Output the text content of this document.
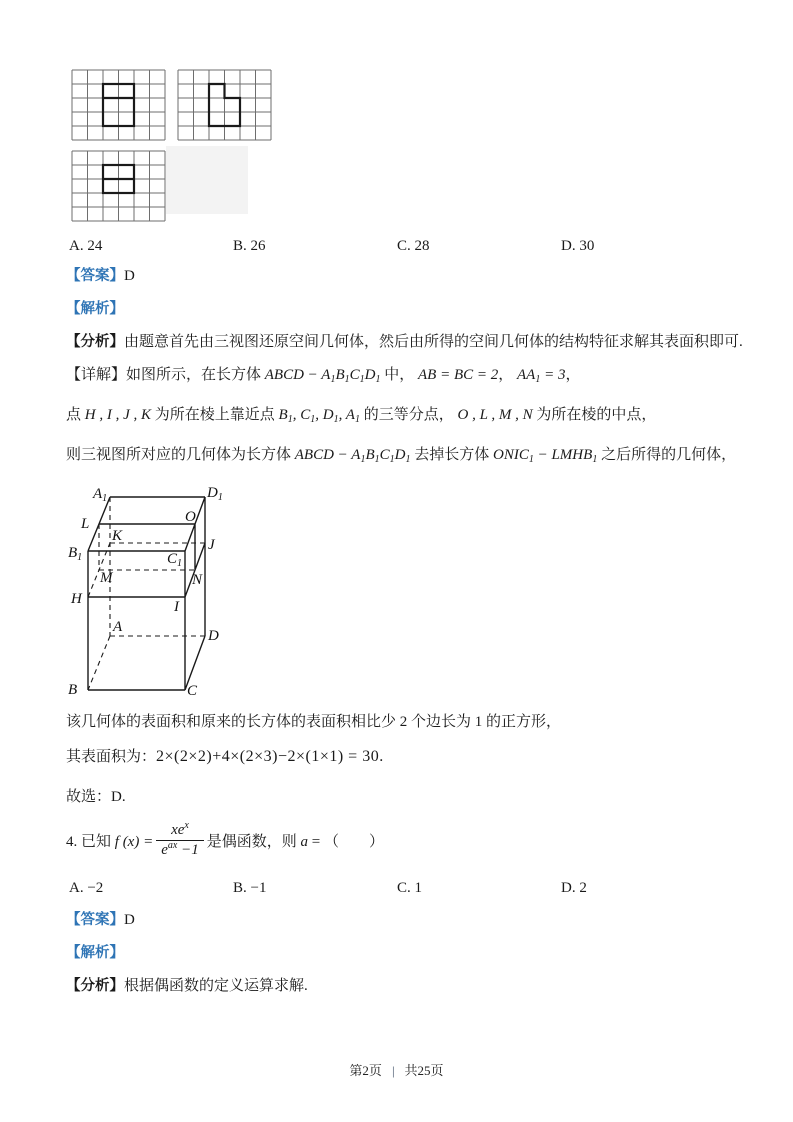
A. 24	B. 26	C. 28	D. 30
【答案】D
【解析】
【分析】由题意首先由三视图还原空间几何体，然后由所得的空间几何体的结构特征求解其表面积即可.
【详解】如图所示，在长方体 ABCD − $A_1B_1C_1D_1$ 中， AB = BC = 2， $AA_1 = 3$，
点 H , I , J , K 为所在棱上靠近点 $B_1$, $C_1$, $D_1$, $A_1$ 的三等分点， O , L , M , N 为所在棱的中点，
则三视图所对应的几何体为长方体 ABCD − $A_1B_1C_1D_1$ 去掉长方体 $ONIC_1$ − $LMHB_1$ 之后所得的几何体，
$A_1$	$D_1$
L	O
K
$B_1$
J
$C_1$
M	N
H	I
A
D
B	C
该几何体的表面积和原来的长方体的表面积相比少 2 个边长为 1 的正方形，
其表面积为：2×(2×2)+4×(2×3)−2×(1×1) = 30.
故选：D.
4. 已知 f $(x) = \frac{xe^x}{e^{ax} -1}$ 是偶函数，则 a = （　　）
A. −2	B. −1	C. 1	D. 2
【答案】D
【解析】
【分析】根据偶函数的定义运算求解.
第2页 | 共25页
